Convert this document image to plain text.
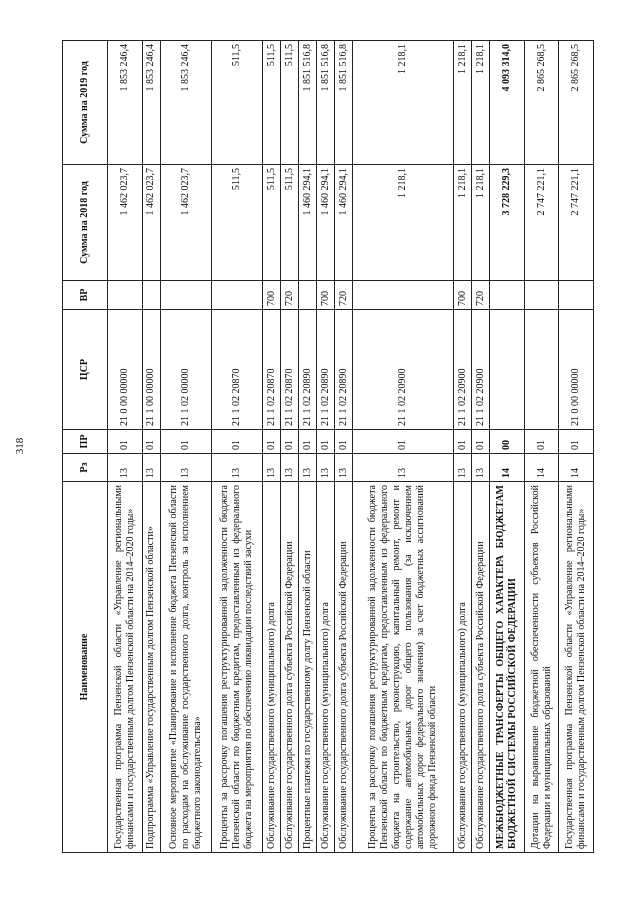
318
Наименование	Рз	ПР	ЦСР	ВР	Сумма на 2018 год	Сумма на 2019 год
Государственная программа Пензенской области «Управление региональными финансами и государственным долгом Пензенской области на 2014–2020 годы»	13	01	21 0 00 00000		1 462 023,7	1 853 246,4
Подпрограмма «Управление государственным долгом Пензенской области»	13	01	21 1 00 00000		1 462 023,7	1 853 246,4
Основное мероприятие «Планирование и исполнение бюджета Пензенской области по расходам на обслуживание государственного долга, контроль за исполнением бюджетного законодательства»	13	01	21 1 02 00000		1 462 023,7	1 853 246,4
Проценты за рассрочку погашения реструктурированной задолженности бюджета Пензенской области по бюджетным кредитам, предоставленным из федерального бюджета на мероприятия по обеспечению ликвидации последствий засухи	13	01	21 1 02 20870		511,5	511,5
Обслуживание государственного (муниципального) долга	13	01	21 1 02 20870	700	511,5	511,5
Обслуживание государственного долга субъекта Российской Федерации	13	01	21 1 02 20870	720	511,5	511,5
Процентные платежи по государственному долгу Пензенской области	13	01	21 1 02 20890		1 460 294,1	1 851 516,8
Обслуживание государственного (муниципального) долга	13	01	21 1 02 20890	700	1 460 294,1	1 851 516,8
Обслуживание государственного долга субъекта Российской Федерации	13	01	21 1 02 20890	720	1 460 294,1	1 851 516,8
Проценты за рассрочку погашения реструктурированной задолженности бюджета Пензенской области по бюджетным кредитам, предоставленным из федерального бюджета на строительство, реконструкцию, капитальный ремонт, ремонт и содержание автомобильных дорог общего пользования (за исключением автомобильных дорог федерального значения) за счет бюджетных ассигнований дорожного фонда Пензенской области	13	01	21 1 02 20900		1 218,1	1 218,1
Обслуживание государственного (муниципального) долга	13	01	21 1 02 20900	700	1 218,1	1 218,1
Обслуживание государственного долга субъекта Российской Федерации	13	01	21 1 02 20900	720	1 218,1	1 218,1
МЕЖБЮДЖЕТНЫЕ ТРАНСФЕРТЫ ОБЩЕГО ХАРАКТЕРА БЮДЖЕТАМ БЮДЖЕТНОЙ СИСТЕМЫ РОССИЙСКОЙ ФЕДЕРАЦИИ	14	00			3 728 229,3	4 093 314,0
Дотации на выравнивание бюджетной обеспеченности субъектов Российской Федерации и муниципальных образований	14	01			2 747 221,1	2 865 268,5
Государственная программа Пензенской области «Управление региональными финансами и государственным долгом Пензенской области на 2014–2020 годы»	14	01	21 0 00 00000		2 747 221,1	2 865 268,5
